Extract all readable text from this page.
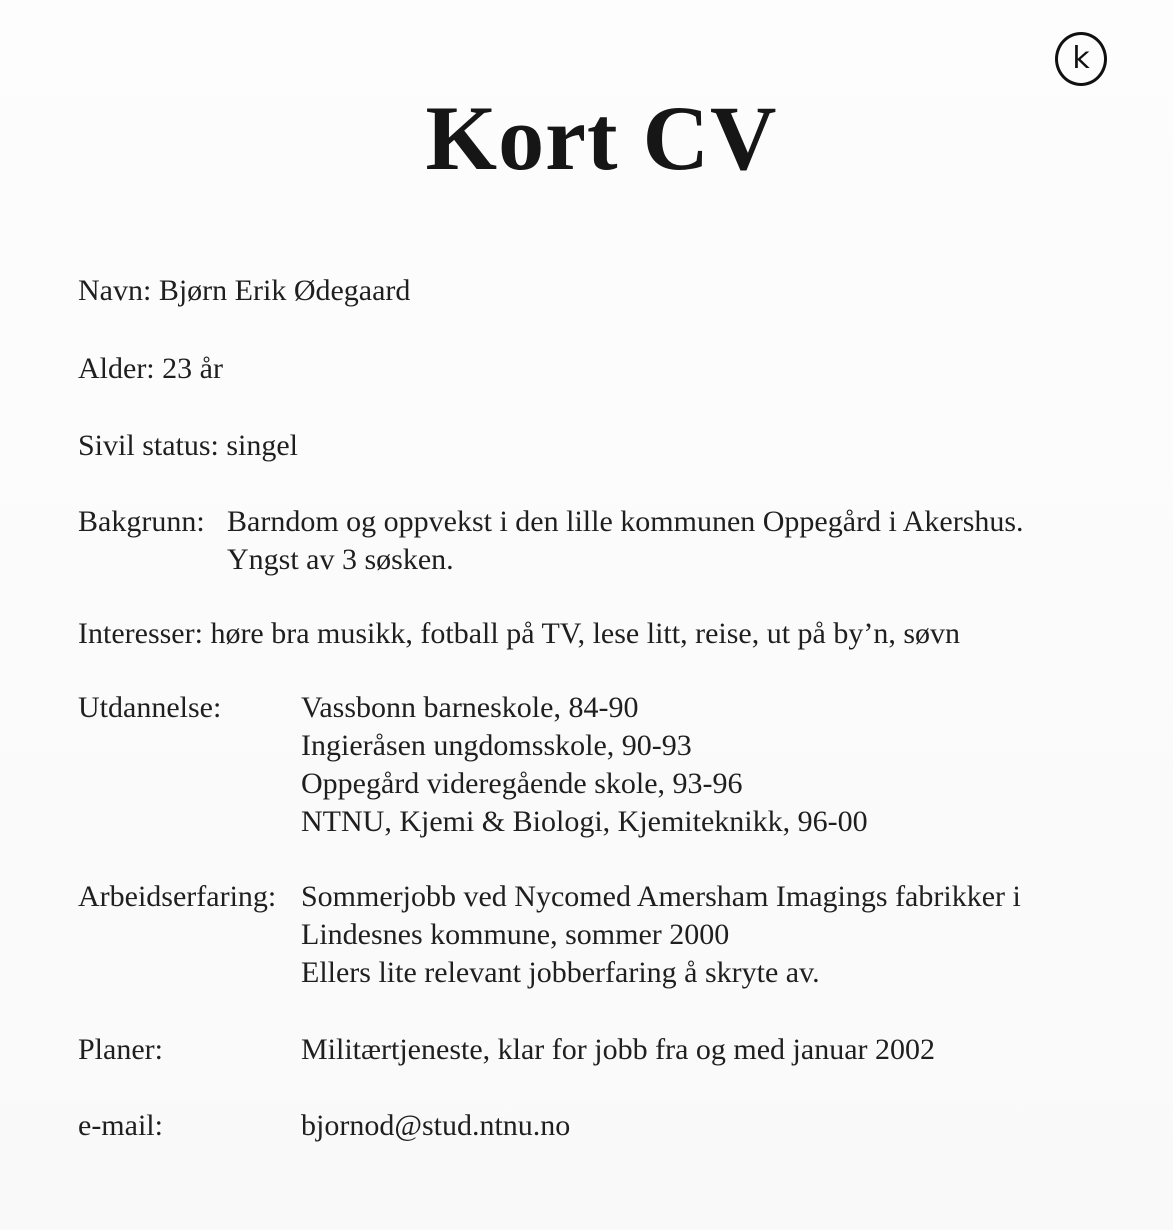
k
Kort CV
Navn: Bjørn Erik Ødegaard
Alder: 23 år
Sivil status: singel
Bakgrunn: Barndom og oppvekst i den lille kommunen Oppegård i Akershus.
Yngst av 3 søsken.
Interesser: høre bra musikk, fotball på TV, lese litt, reise, ut på by’n, søvn
Utdannelse:	Vassbonn barneskole, 84-90
Ingieråsen ungdomsskole, 90-93
Oppegård videregående skole, 93-96
NTNU, Kjemi & Biologi, Kjemiteknikk, 96-00
Arbeidserfaring: Sommerjobb ved Nycomed Amersham Imagings fabrikker i
Lindesnes kommune, sommer 2000
Ellers lite relevant jobberfaring å skryte av.
Planer:	Militærtjeneste, klar for jobb fra og med januar 2002
e-mail:	bjornod@stud.ntnu.no
